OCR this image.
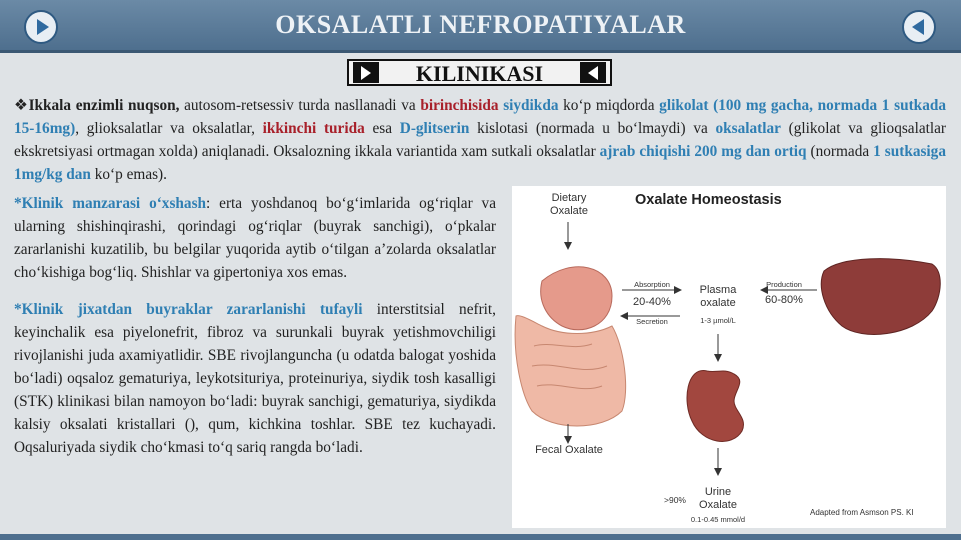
OKSALATLI NEFROPATIYALAR
KILINIKASI
❖Ikkala enzimli nuqson, autosom-retsessiv turda nasllanadi va birinchisida siydikda ko‘p miqdorda glikolat (100 mg gacha, normada 1 sutkada 15-16mg), glioksalatlar va oksalatlar, ikkinchi turida esa D-glitserin kislotasi (normada u bo‘lmaydi) va oksalatlar (glikolat va glioqsalatlar ekskretsiyasi ortmagan xolda) aniqlanadi. Oksalozning ikkala variantida xam sutkali oksalatlar ajrab chiqishi 200 mg dan ortiq (normada 1 sutkasiga 1mg/kg dan ko‘p emas).

*Klinik manzarasi o‘xshash: erta yoshdanoq bo‘g‘imlarida og‘riqlar va ularning shishinqirashi, qorindagi og‘riqlar (buyrak sanchigi), o‘pkalar zararlanishi kuzatilib, bu belgilar yuqorida aytib o‘tilgan a’zolarda oksalatlar cho‘kishiga bog‘liq. Shishlar va gipertoniya xos emas.

*Klinik jixatdan buyraklar zararlanishi tufayli interstitsial nefrit, keyinchalik esa piyelonefrit, fibroz va surunkali buyrak yetishmovchiligi rivojlanishi juda axamiyatlidir. SBE rivojlanguncha (u odatda balogat yoshida bo‘ladi) oqsaloz gematuriya, leykotsituriya, proteinuriya, siydik tosh kasalligi (STK) klinikasi bilan namoyon bo‘ladi: buyrak sanchigi, gematuriya, siydikda kalsiy oksalati kristallari (), qum, kichkina toshlar. SBE tez kuchayadi. Oqsaluriyada siydik cho‘kmasi to‘q sariq rangda bo‘ladi.

Oxalate Homeostasis
Dietary Oxalate
Absorption
20-40%
Secretion
Plasma oxalate
1-3 µmol/L
Production
60-80%
Fecal Oxalate
Urine Oxalate
>90%
0.1-0.45 mmol/d
Adapted from Asmson PS. KI
